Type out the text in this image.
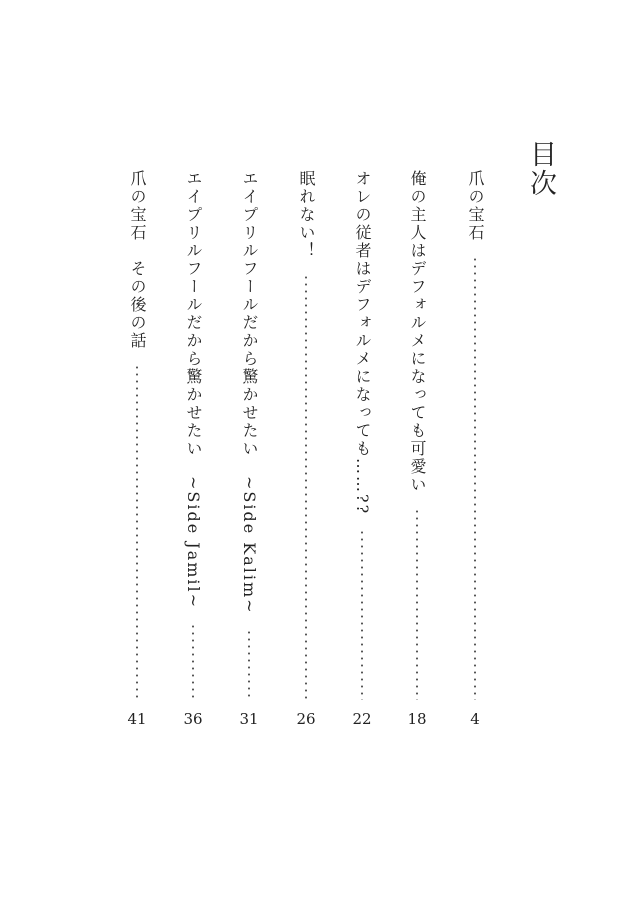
目次
爪の宝石
4
俺の主人はデフォルメになっても可愛い
18
オレの従者はデフォルメになっても……??
22
眠れない！
26
エイプリルフールだから驚かせたい　~Side Kalim~
31
エイプリルフールだから驚かせたい　~Side Jamil~
36
爪の宝石　その後の話
41
